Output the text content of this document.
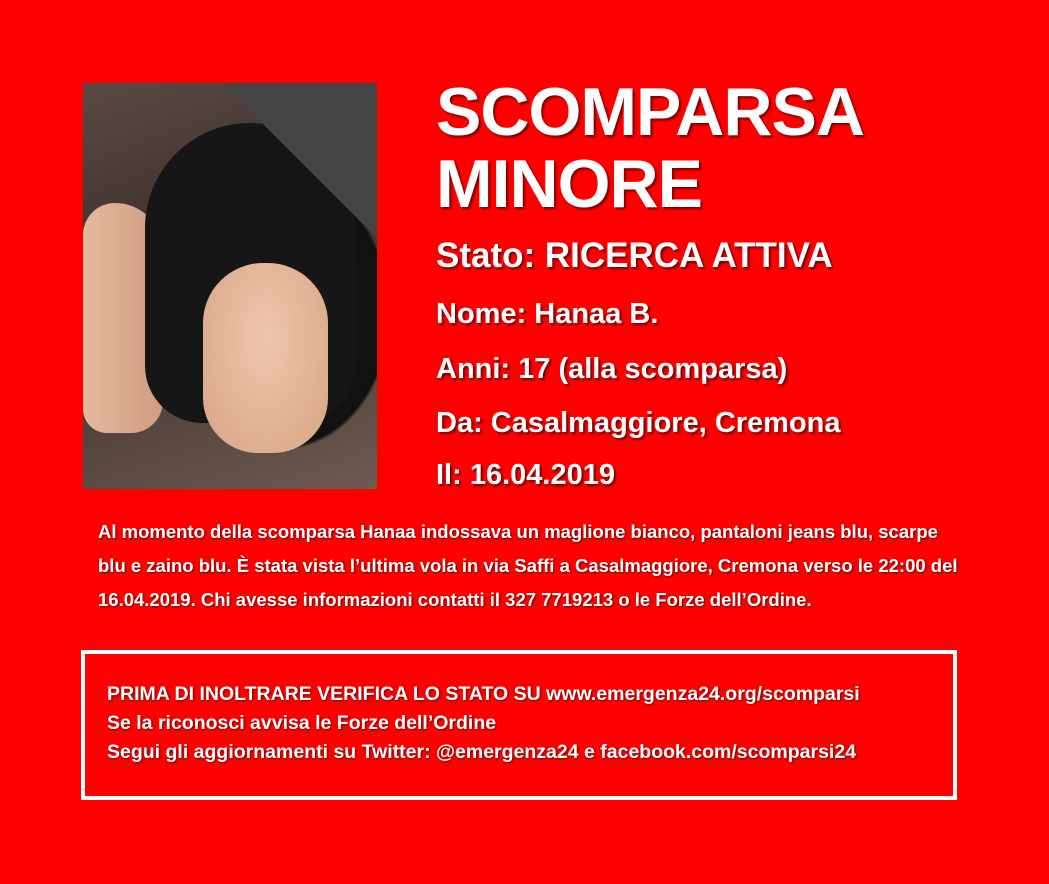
SCOMPARSA
MINORE
Stato: RICERCA ATTIVA
Nome: Hanaa B.
Anni: 17 (alla scomparsa)
Da: Casalmaggiore, Cremona
Il: 16.04.2019
Al momento della scomparsa Hanaa indossava un maglione bianco, pantaloni jeans blu, scarpe blu e zaino blu. È stata vista l’ultima vola in via Saffi a Casalmaggiore, Cremona verso le 22:00 del 16.04.2019. Chi avesse informazioni contatti il 327 7719213 o le Forze dell’Ordine.
PRIMA DI INOLTRARE VERIFICA LO STATO SU www.emergenza24.org/scomparsi
Se la riconosci avvisa le Forze dell’Ordine
Segui gli aggiornamenti su Twitter: @emergenza24 e facebook.com/scomparsi24
